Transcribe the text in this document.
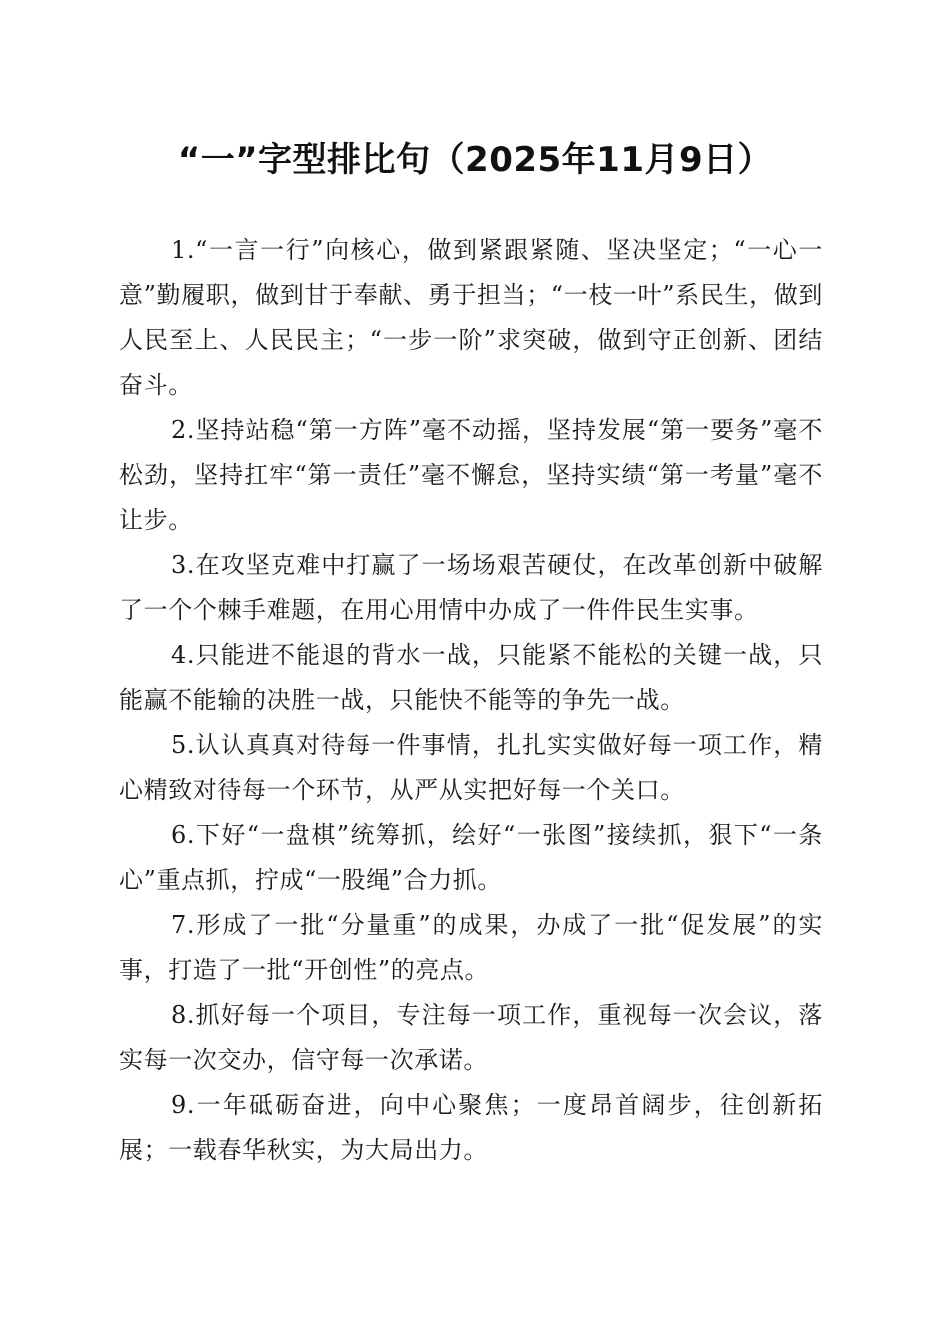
“一”字型排比句（2025年11月9日）

1.“一言一行”向核心，做到紧跟紧随、坚决坚定；“一心一意”勤履职，做到甘于奉献、勇于担当；“一枝一叶”系民生，做到人民至上、人民民主；“一步一阶”求突破，做到守正创新、团结奋斗。

2.坚持站稳“第一方阵”毫不动摇，坚持发展“第一要务”毫不松劲，坚持扛牢“第一责任”毫不懈怠，坚持实绩“第一考量”毫不让步。

3.在攻坚克难中打赢了一场场艰苦硬仗，在改革创新中破解了一个个棘手难题，在用心用情中办成了一件件民生实事。

4.只能进不能退的背水一战，只能紧不能松的关键一战，只能赢不能输的决胜一战，只能快不能等的争先一战。

5.认认真真对待每一件事情，扎扎实实做好每一项工作，精心精致对待每一个环节，从严从实把好每一个关口。

6.下好“一盘棋”统筹抓，绘好“一张图”接续抓，狠下“一条心”重点抓，拧成“一股绳”合力抓。

7.形成了一批“分量重”的成果，办成了一批“促发展”的实事，打造了一批“开创性”的亮点。

8.抓好每一个项目，专注每一项工作，重视每一次会议，落实每一次交办，信守每一次承诺。

9.一年砥砺奋进，向中心聚焦；一度昂首阔步，往创新拓展；一载春华秋实，为大局出力。
